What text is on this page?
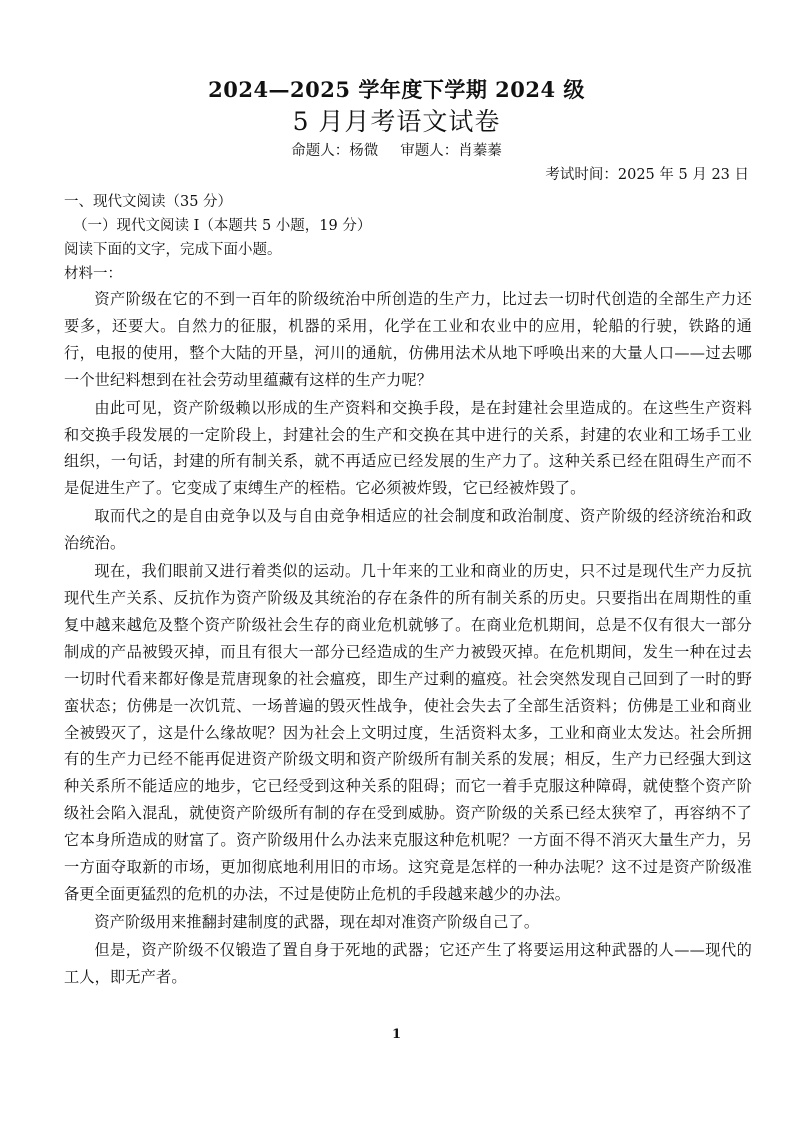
2024—2025 学年度下学期 2024 级
5 月月考语文试卷
命题人：杨微 审题人：肖蓁蓁
考试时间：2025 年 5 月 23 日

一、现代文阅读（35 分）

（一）现代文阅读 I（本题共 5 小题，19 分）

阅读下面的文字，完成下面小题。

材料一：

资产阶级在它的不到一百年的阶级统治中所创造的生产力，比过去一切时代创造的全部生产力还要多，还要大。自然力的征服，机器的采用，化学在工业和农业中的应用，轮船的行驶，铁路的通行，电报的使用，整个大陆的开垦，河川的通航，仿佛用法术从地下呼唤出来的大量人口——过去哪一个世纪料想到在社会劳动里蕴藏有这样的生产力呢？

由此可见，资产阶级赖以形成的生产资料和交换手段，是在封建社会里造成的。在这些生产资料和交换手段发展的一定阶段上，封建社会的生产和交换在其中进行的关系，封建的农业和工场手工业组织，一句话，封建的所有制关系，就不再适应已经发展的生产力了。这种关系已经在阻碍生产而不是促进生产了。它变成了束缚生产的桎梏。它必须被炸毁，它已经被炸毁了。

取而代之的是自由竞争以及与自由竞争相适应的社会制度和政治制度、资产阶级的经济统治和政治统治。

现在，我们眼前又进行着类似的运动。几十年来的工业和商业的历史，只不过是现代生产力反抗现代生产关系、反抗作为资产阶级及其统治的存在条件的所有制关系的历史。只要指出在周期性的重复中越来越危及整个资产阶级社会生存的商业危机就够了。在商业危机期间，总是不仅有很大一部分制成的产品被毁灭掉，而且有很大一部分已经造成的生产力被毁灭掉。在危机期间，发生一种在过去一切时代看来都好像是荒唐现象的社会瘟疫，即生产过剩的瘟疫。社会突然发现自己回到了一时的野蛮状态；仿佛是一次饥荒、一场普遍的毁灭性战争，使社会失去了全部生活资料；仿佛是工业和商业全被毁灭了，这是什么缘故呢？因为社会上文明过度，生活资料太多，工业和商业太发达。社会所拥有的生产力已经不能再促进资产阶级文明和资产阶级所有制关系的发展；相反，生产力已经强大到这种关系所不能适应的地步，它已经受到这种关系的阻碍；而它一着手克服这种障碍，就使整个资产阶级社会陷入混乱，就使资产阶级所有制的存在受到威胁。资产阶级的关系已经太狭窄了，再容纳不了它本身所造成的财富了。资产阶级用什么办法来克服这种危机呢？一方面不得不消灭大量生产力，另一方面夺取新的市场，更加彻底地利用旧的市场。这究竟是怎样的一种办法呢？这不过是资产阶级准备更全面更猛烈的危机的办法，不过是使防止危机的手段越来越少的办法。

资产阶级用来推翻封建制度的武器，现在却对准资产阶级自己了。

但是，资产阶级不仅锻造了置自身于死地的武器；它还产生了将要运用这种武器的人——现代的工人，即无产者。

1
